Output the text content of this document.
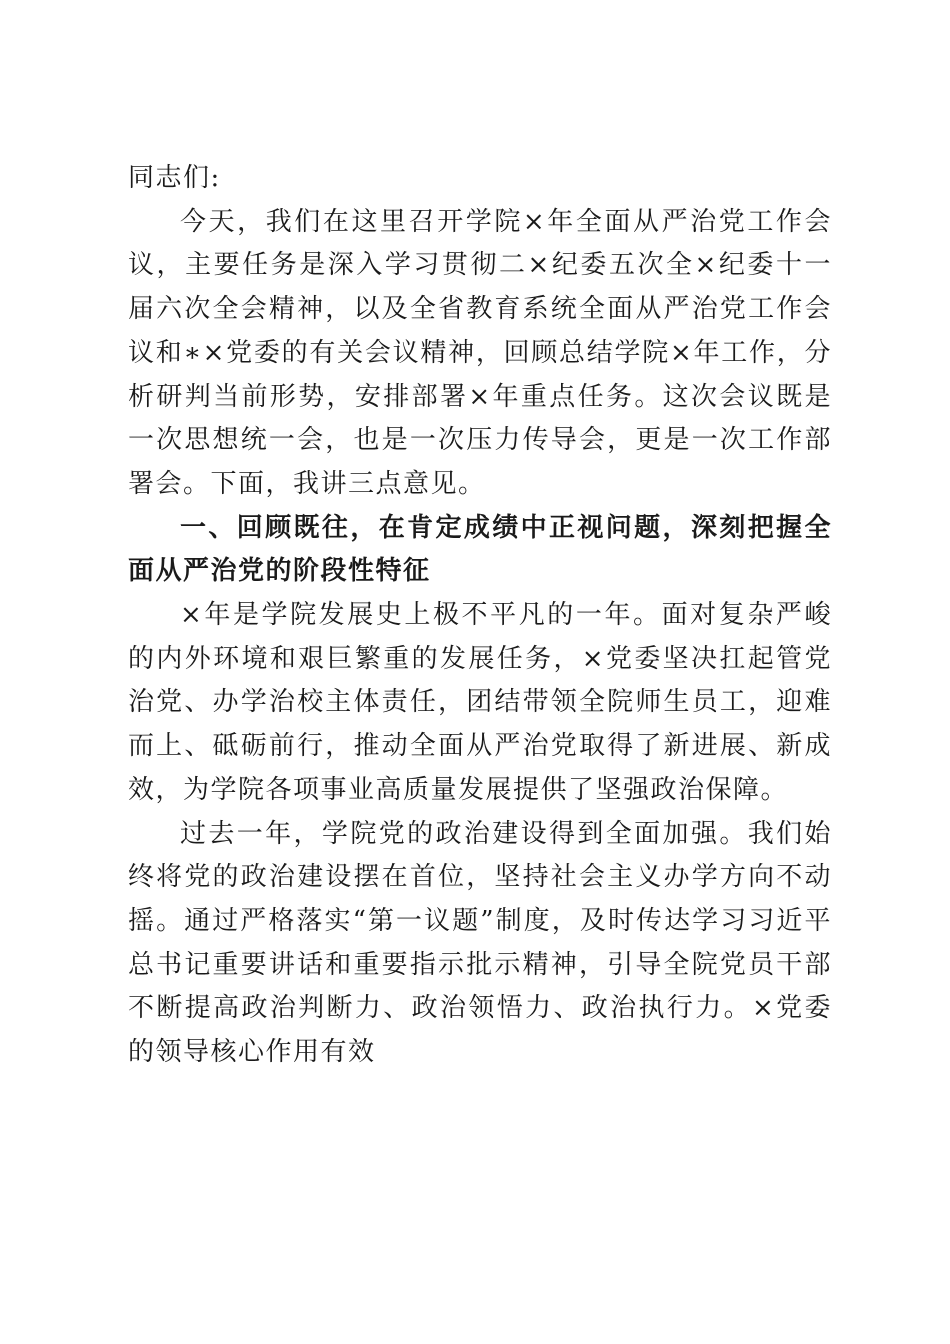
同志们:

今天，我们在这里召开学院×年全面从严治党工作会议，主要任务是深入学习贯彻二×纪委五次全×纪委十一届六次全会精神，以及全省教育系统全面从严治党工作会议和∗×党委的有关会议精神，回顾总结学院×年工作，分析研判当前形势，安排部署×年重点任务。这次会议既是一次思想统一会，也是一次压力传导会，更是一次工作部署会。下面，我讲三点意见。

一、回顾既往，在肯定成绩中正视问题，深刻把握全面从严治党的阶段性特征

×年是学院发展史上极不平凡的一年。面对复杂严峻的内外环境和艰巨繁重的发展任务，×党委坚决扛起管党治党、办学治校主体责任，团结带领全院师生员工，迎难而上、砥砺前行，推动全面从严治党取得了新进展、新成效，为学院各项事业高质量发展提供了坚强政治保障。

过去一年，学院党的政治建设得到全面加强。我们始终将党的政治建设摆在首位，坚持社会主义办学方向不动摇。通过严格落实“第一议题”制度，及时传达学习习近平总书记重要讲话和重要指示批示精神，引导全院党员干部不断提高政治判断力、政治领悟力、政治执行力。×党委的领导核心作用有效
